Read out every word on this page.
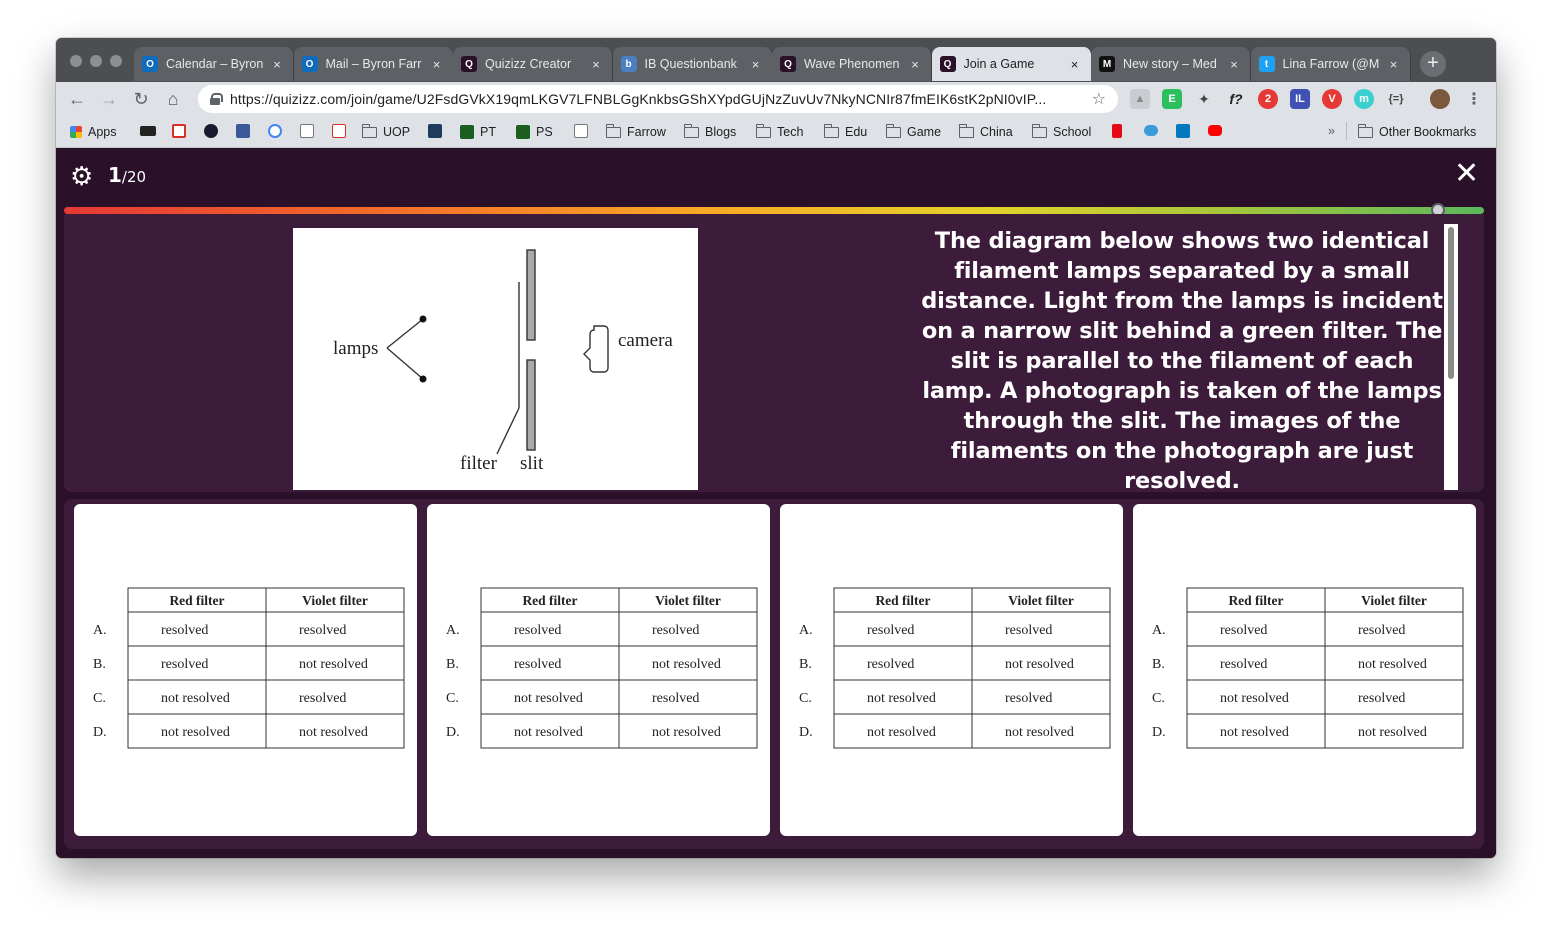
O Calendar – Byron ×	O Mail – Byron Farr ×	Q Quizizz Creator	×	b	IB Questionbank	×	Q Wave Phenomen ×	Q Join a Game	×	M New story – Med	×	t	Lina Farrow (@M ×	+
← → ↻	⌂	https://quizizz.com/join/game/U2FsdGVkX19qmLKGV7LFNBLGgKnkbsGShXYpdGUjNzZuvUv7NkyNCNIr87fmEIK6stK2pNI0vIP...	☆	▲	E	✦ f?	2	IL	V	m	{=}	⋮
Apps	UOP	PT	PS	Farrow	Blogs	Tech	Edu	Game	China	School	»	Other Bookmarks
⚙ 1/20	✕
lamps	camera
filter slit
The diagram below shows two identical filament lamps separated by a small distance. Light from the lamps is incident on a narrow slit behind a green filter. The slit is parallel to the filament of each lamp. A photograph is taken of the lamps through the slit. The images of the filaments on the photograph are just resolved.
Red filter	Violet filter
A.	resolved	resolved
B.	resolved	not resolved
C.	not resolved	resolved
D.	not resolved	not resolved
Red filter	Violet filter
A.	resolved	resolved
B.	resolved	not resolved
C.	not resolved	resolved
D.	not resolved	not resolved
Red filter	Violet filter
A.	resolved	resolved
B.	resolved	not resolved
C.	not resolved	resolved
D.	not resolved	not resolved
Red filter	Violet filter
A.	resolved	resolved
B.	resolved	not resolved
C.	not resolved	resolved
D.	not resolved	not resolved
